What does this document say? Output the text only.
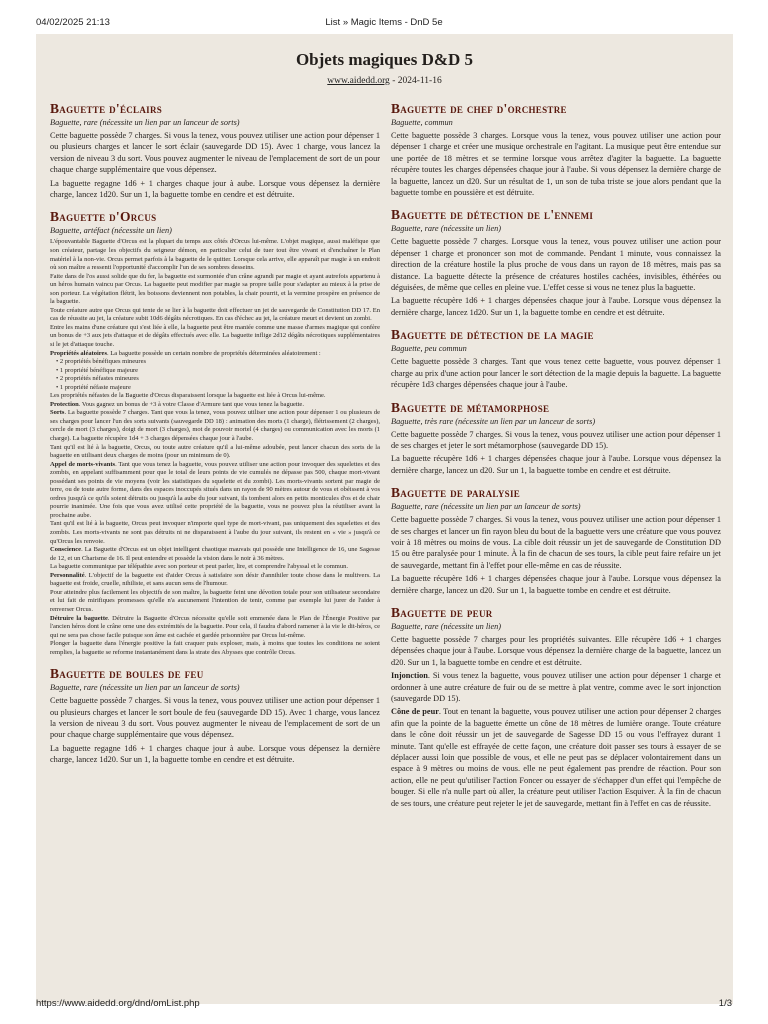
04/02/2025 21:13	List » Magic Items - DnD 5e
Objets magiques D&D 5
www.aidedd.org - 2024-11-16
Baguette d'éclairs
Baguette, rare (nécessite un lien par un lanceur de sorts)

Cette baguette possède 7 charges. Si vous la tenez, vous pouvez utiliser une action pour dépenser 1 ou plusieurs charges et lancer le sort éclair (sauvegarde DD 15). Avec 1 charge, vous lancez la version de niveau 3 du sort. Vous pouvez augmenter le niveau de l'emplacement de sort de un pour chaque charge supplémentaire que vous dépensez.

La baguette regagne 1d6 + 1 charges chaque jour à aube. Lorsque vous dépensez la dernière charge, lancez 1d20. Sur un 1, la baguette tombe en cendre et est détruite.

Baguette d'Orcus
Baguette, artéfact (nécessite un lien)

L'épouvantable Baguette d'Orcus est la plupart du temps aux côtés d'Orcus lui-même. L'objet magique, aussi maléfique que son créateur, partage les objectifs du seigneur démon, en particulier celui de tuer tout être vivant et d'enchaîner le Plan matériel à la non-vie. Orcus permet parfois à la baguette de le quitter. Lorsque cela arrive, elle apparaît par magie à un endroit où son maître a ressenti l'opportunité d'accomplir l'un de ses sombres desseins.

Faite dans de l'os aussi solide que du fer, la baguette est surmontée d'un crâne agrandi par magie et ayant autrefois appartenu à un héros humain vaincu par Orcus. La baguette peut modifier par magie sa propre taille pour s'adapter au mieux à la prise de son porteur. La végétation flétrit, les boissons deviennent non potables, la chair pourrit, et la vermine prospère en présence de la baguette.

Toute créature autre que Orcus qui tente de se lier à la baguette doit effectuer un jet de sauvegarde de Constitution DD 17. En cas de réussite au jet, la créature subit 10d6 dégâts nécrotiques. En cas d'échec au jet, la créature meurt et devient un zombi.

Entre les mains d'une créature qui s'est liée à elle, la baguette peut être maniée comme une masse d'armes magique qui confère un bonus de +3 aux jets d'attaque et de dégâts effectués avec elle. La baguette inflige 2d12 dégâts nécrotiques supplémentaires si le jet d'attaque touche.

Propriétés aléatoires. La baguette possède un certain nombre de propriétés déterminées aléatoirement :

• 2 propriétés bénéfiques mineures
• 1 propriété bénéfique majeure
• 2 propriétés néfastes mineures
• 1 propriété néfaste majeure

Les propriétés néfastes de la Baguette d'Orcus disparaissent lorsque la baguette est liée à Orcus lui-même.

Protection. Vous gagnez un bonus de +3 à votre Classe d'Armure tant que vous tenez la baguette.

Sorts. La baguette possède 7 charges. Tant que vous la tenez, vous pouvez utiliser une action pour dépenser 1 ou plusieurs de ses charges pour lancer l'un des sorts suivants (sauvegarde DD 18) : animation des morts (1 charge), flétrissement (2 charges), cercle de mort (3 charges), doigt de mort (3 charges), mot de pouvoir mortel (4 charges) ou communication avec les morts (1 charge). La baguette récupère 1d4 + 3 charges dépensées chaque jour à l'aube.

Tant qu'il est lié à la baguette, Orcus, ou toute autre créature qu'il a lui-même adoubée, peut lancer chacun des sorts de la baguette en utilisant deux charges de moins (pour un minimum de 0).

Appel de morts-vivants. Tant que vous tenez la baguette, vous pouvez utiliser une action pour invoquer des squelettes et des zombis, en appelant suffisamment pour que le total de leurs points de vie cumulés ne dépasse pas 500, chaque mort-vivant possédant ses points de vie moyens (voir les statistiques du squelette et du zombi). Les morts-vivants sortent par magie de terre, ou de toute autre forme, dans des espaces inoccupés situés dans un rayon de 90 mètres autour de vous et obéissent à vos ordres jusqu'à ce qu'ils soient détruits ou jusqu'à la aube du jour suivant, ils tombent alors en petits monticules d'os et de chair pourrie inanimée. Une fois que vous avez utilisé cette propriété de la baguette, vous ne pouvez plus la réutiliser avant la prochaine aube.

Tant qu'il est lié à la baguette, Orcus peut invoquer n'importe quel type de mort-vivant, pas uniquement des squelettes et des zombis. Les morts-vivants ne sont pas détruits ni ne disparaissent à l'aube du jour suivant, ils restent en « vie » jusqu'à ce qu'Orcus les renvoie.

Conscience. La Baguette d'Orcus est un objet intelligent chaotique mauvais qui possède une Intelligence de 16, une Sagesse de 12, et un Charisme de 16. Il peut entendre et possède la vision dans le noir à 36 mètres.

La baguette communique par télépathie avec son porteur et peut parler, lire, et comprendre l'abyssal et le commun.

Personnalité. L'objectif de la baguette est d'aider Orcus à satisfaire son désir d'annihiler toute chose dans le multivers. La baguette est froide, cruelle, nihiliste, et sans aucun sens de l'humour.

Pour atteindre plus facilement les objectifs de son maître, la baguette feint une dévotion totale pour son utilisateur secondaire et lui fait de mirifiques promesses qu'elle n'a aucunement l'intention de tenir, comme par exemple lui jurer de l'aider à renverser Orcus.

Détruire la baguette. Détruire la Baguette d'Orcus nécessite qu'elle soit emmenée dans le Plan de l'Énergie Positive par l'ancien héros dont le crâne orne une des extrémités de la baguette. Pour cela, il faudra d'abord ramener à la vie le dit-héros, ce qui ne sera pas chose facile puisque son âme est cachée et gardée prisonnière par Orcus lui-même.

Plonger la baguette dans l'énergie positive la fait craquer puis exploser, mais, à moins que toutes les conditions ne soient remplies, la baguette se reforme instantanément dans la strate des Abysses que contrôle Orcus.

Baguette de boules de feu
Baguette, rare (nécessite un lien par un lanceur de sorts)

Cette baguette possède 7 charges. Si vous la tenez, vous pouvez utiliser une action pour dépenser 1 ou plusieurs charges et lancer le sort boule de feu (sauvegarde DD 15). Avec 1 charge, vous lancez la version de niveau 3 du sort. Vous pouvez augmenter le niveau de l'emplacement de sort de un pour chaque charge supplémentaire que vous dépensez.

La baguette regagne 1d6 + 1 charges chaque jour à aube. Lorsque vous dépensez la dernière charge, lancez 1d20. Sur un 1, la baguette tombe en cendre et est détruite.

Baguette de chef d'orchestre
Baguette, commun

Cette baguette possède 3 charges. Lorsque vous la tenez, vous pouvez utiliser une action pour dépenser 1 charge et créer une musique orchestrale en l'agitant. La musique peut être entendue sur une portée de 18 mètres et se termine lorsque vous arrêtez d'agiter la baguette. La baguette récupère toutes les charges dépensées chaque jour à l'aube. Si vous dépensez la dernière charge de la baguette, lancez un d20. Sur un résultat de 1, un son de tuba triste se joue alors pendant que la baguette tombe en poussière et est détruite.

Baguette de détection de l'ennemi
Baguette, rare (nécessite un lien)

Cette baguette possède 7 charges. Lorsque vous la tenez, vous pouvez utiliser une action pour dépenser 1 charge et prononcer son mot de commande. Pendant 1 minute, vous connaissez la direction de la créature hostile la plus proche de vous dans un rayon de 18 mètres, mais pas sa distance. La baguette détecte la présence de créatures hostiles cachées, invisibles, éthérées ou déguisées, de même que celles en pleine vue. L'effet cesse si vous ne tenez plus la baguette.

La baguette récupère 1d6 + 1 charges dépensées chaque jour à l'aube. Lorsque vous dépensez la dernière charge, lancez 1d20. Sur un 1, la baguette tombe en cendre et est détruite.

Baguette de détection de la magie
Baguette, peu commun

Cette baguette possède 3 charges. Tant que vous tenez cette baguette, vous pouvez dépenser 1 charge au prix d'une action pour lancer le sort détection de la magie depuis la baguette. La baguette récupère 1d3 charges dépensées chaque jour à l'aube.

Baguette de métamorphose
Baguette, très rare (nécessite un lien par un lanceur de sorts)

Cette baguette possède 7 charges. Si vous la tenez, vous pouvez utiliser une action pour dépenser 1 de ses charges et jeter le sort métamorphose (sauvegarde DD 15).

La baguette récupère 1d6 + 1 charges dépensées chaque jour à l'aube. Lorsque vous dépensez la dernière charge, lancez un d20. Sur un 1, la baguette tombe en cendre et est détruite.

Baguette de paralysie
Baguette, rare (nécessite un lien par un lanceur de sorts)

Cette baguette possède 7 charges. Si vous la tenez, vous pouvez utiliser une action pour dépenser 1 de ses charges et lancer un fin rayon bleu du bout de la baguette vers une créature que vous pouvez voir à 18 mètres ou moins de vous. La cible doit réussir un jet de sauvegarde de Constitution DD 15 ou être paralysée pour 1 minute. À la fin de chacun de ses tours, la cible peut faire refaire un jet de sauvegarde, mettant fin à l'effet pour elle-même en cas de réussite.

La baguette récupère 1d6 + 1 charges dépensées chaque jour à l'aube. Lorsque vous dépensez la dernière charge, lancez un d20. Sur un 1, la baguette tombe en cendre et est détruite.

Baguette de peur
Baguette, rare (nécessite un lien)

Cette baguette possède 7 charges pour les propriétés suivantes. Elle récupère 1d6 + 1 charges dépensées chaque jour à l'aube. Lorsque vous dépensez la dernière charge de la baguette, lancez un d20. Sur un 1, la baguette tombe en cendre et est détruite.

Injonction. Si vous tenez la baguette, vous pouvez utiliser une action pour dépenser 1 charge et ordonner à une autre créature de fuir ou de se mettre à plat ventre, comme avec le sort injonction (sauvegarde DD 15).

Cône de peur. Tout en tenant la baguette, vous pouvez utiliser une action pour dépenser 2 charges afin que la pointe de la baguette émette un cône de 18 mètres de lumière orange. Toute créature dans le cône doit réussir un jet de sauvegarde de Sagesse DD 15 ou vous l'effrayez durant 1 minute. Tant qu'elle est effrayée de cette façon, une créature doit passer ses tours à essayer de se déplacer aussi loin que possible de vous, et elle ne peut pas se déplacer volontairement dans un espace à 9 mètres ou moins de vous. elle ne peut également pas prendre de réaction. Pour son action, elle ne peut qu'utiliser l'action Foncer ou essayer de s'échapper d'un effet qui l'empêche de bouger. Si elle n'a nulle part où aller, la créature peut utiliser l'action Esquiver. À la fin de chacun de ses tours, une créature peut rejeter le jet de sauvegarde, mettant fin à l'effet en cas de réussite.

https://www.aidedd.org/dnd/omList.php	1/3
